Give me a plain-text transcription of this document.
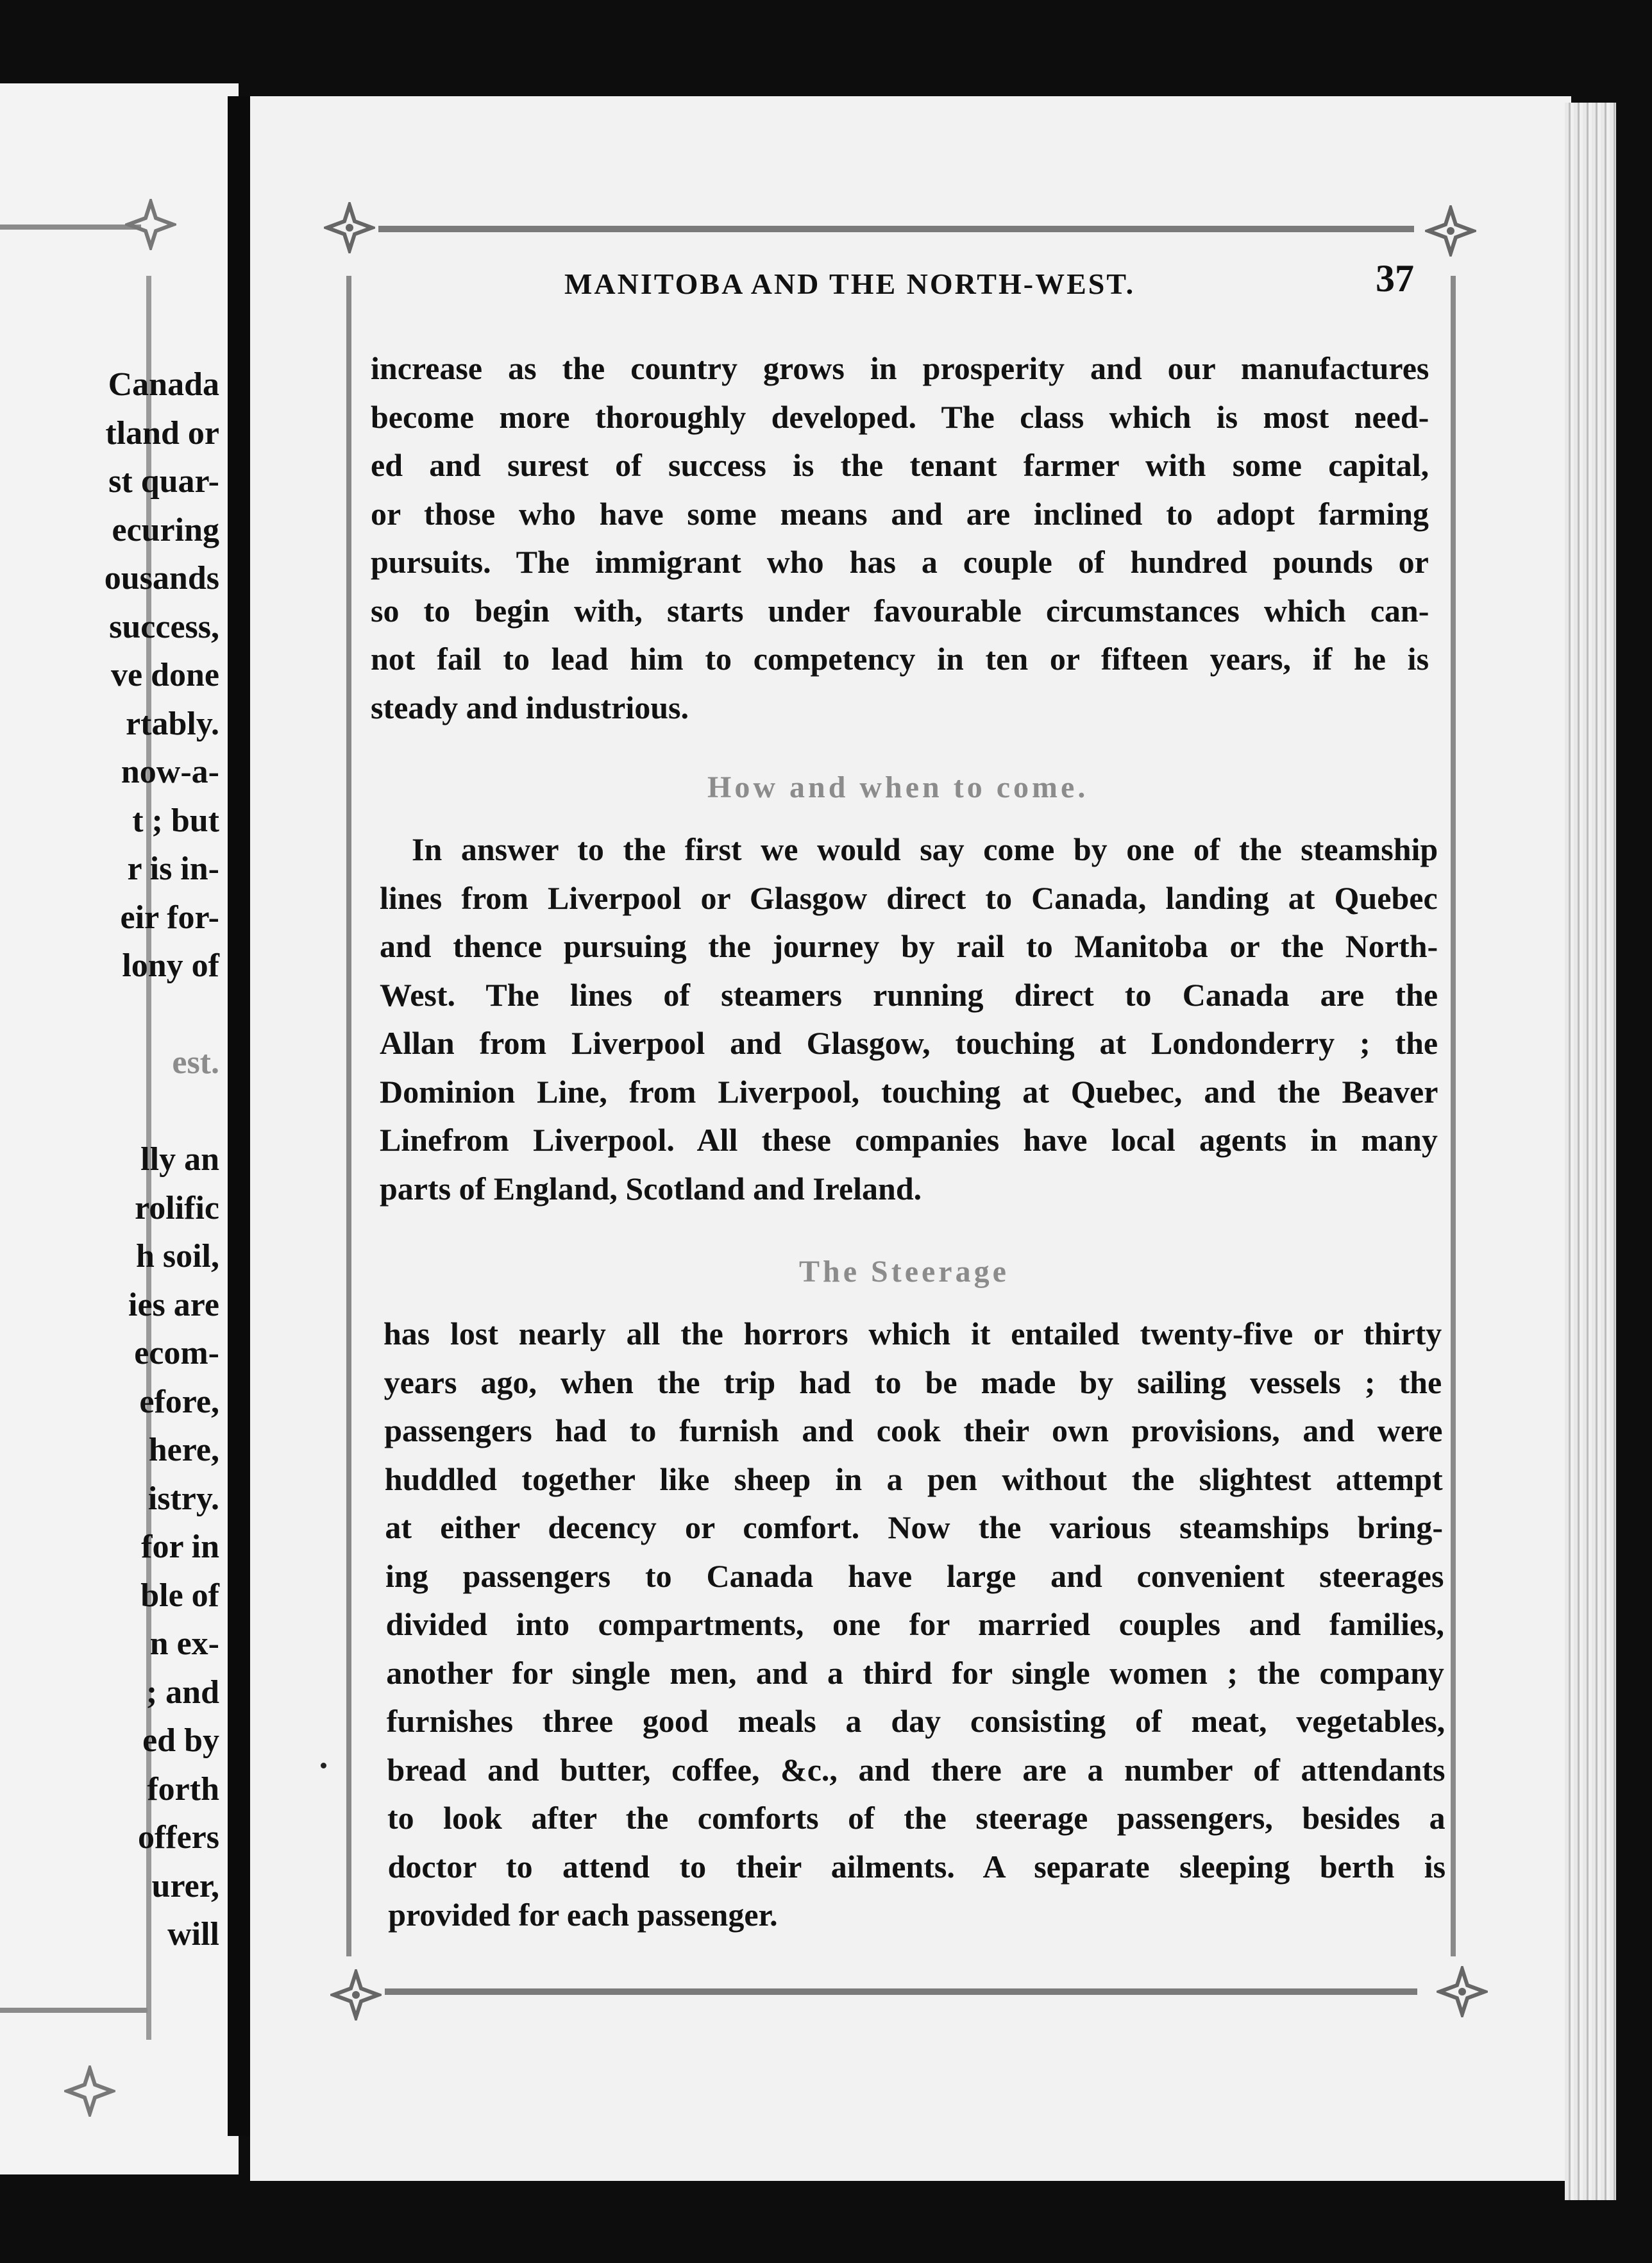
Canada
tland or
st quar-
ecuring
ousands
success,
ve done
rtably.
now-a-
t ; but
r is in-
eir for-
lony of
est.
lly an
rolific
h soil,
ies are
ecom-
efore,
here,
istry.
for in
ble of
n ex-
; and
ed by
forth
offers
urer,
will
MANITOBA AND THE NORTH-WEST.	37
increase as the country grows in prosperity and our manufactures
become more thoroughly developed. The class which is most need-
ed and surest of success is the tenant farmer with some capital,
or those who have some means and are inclined to adopt farming
pursuits. The immigrant who has a couple of hundred pounds or
so to begin with, starts under favourable circumstances which can-
not fail to lead him to competency in ten or fifteen years, if he is
steady and industrious.
How and when to come.
In answer to the first we would say come by one of the steamship
lines from Liverpool or Glasgow direct to Canada, landing at Quebec
and thence pursuing the journey by rail to Manitoba or the North-
West. The lines of steamers running direct to Canada are the
Allan from Liverpool and Glasgow, touching at Londonderry ; the
Dominion Line, from Liverpool, touching at Quebec, and the Beaver
Linefrom Liverpool. All these companies have local agents in many
parts of England, Scotland and Ireland.
The Steerage
has lost nearly all the horrors which it entailed twenty-five or thirty
years ago, when the trip had to be made by sailing vessels ; the
passengers had to furnish and cook their own provisions, and were
huddled together like sheep in a pen without the slightest attempt
at either decency or comfort. Now the various steamships bring-
ing passengers to Canada have large and convenient steerages
divided into compartments, one for married couples and families,
another for single men, and a third for single women ; the company
furnishes three good meals a day consisting of meat, vegetables,
bread and butter, coffee, &c., and there are a number of attendants
to look after the comforts of the steerage passengers, besides a
doctor to attend to their ailments. A separate sleeping berth is
provided for each passenger.
